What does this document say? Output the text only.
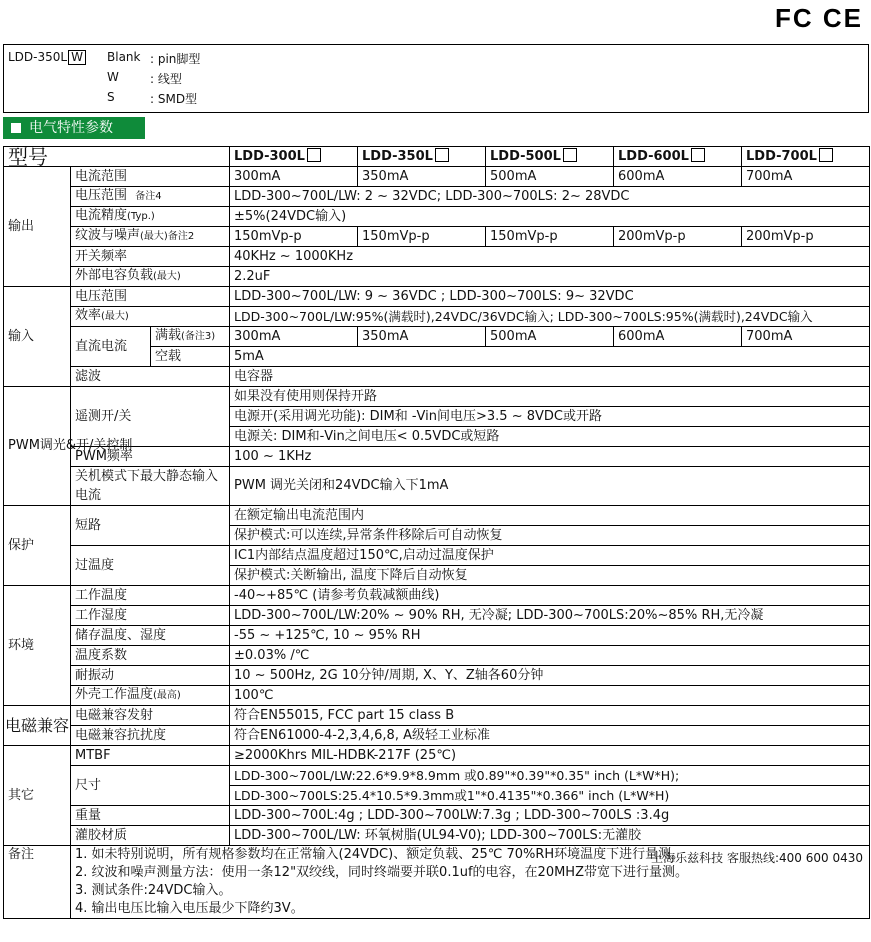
FC CE
LDD-350L W Blank : pin脚型
W	: 线型
S	: SMD型
电气特性参数
型号			LDD-300L	LDD-350L	LDD-500L	LDD-600L	LDD-700L
输出	电流范围		300mA	350mA	500mA	600mA	700mA
	电压范围 备注4		LDD-300~700L/LW: 2 ~ 32VDC; LDD-300~700LS: 2~ 28VDC				
	电流精度(Typ.)		±5%(24VDC输入)				
	纹波与噪声(最大)备注2		150mVp-p	150mVp-p	150mVp-p	200mVp-p	200mVp-p
	开关频率		40KHz ~ 1000KHz				
	外部电容负载(最大)		2.2uF				
输入	电压范围		LDD-300~700L/LW: 9 ~ 36VDC ; LDD-300~700LS: 9~ 32VDC				
	效率(最大)		LDD-300~700L/LW:95%(满载时),24VDC/36VDC输入; LDD-300~700LS:95%(满载时),24VDC输入				
	直流电流	满载(备注3)	300mA	350mA	500mA	600mA	700mA
		空载	5mA				
	滤波		电容器				
PWM调光&开/关控制	遥测开/关		如果没有使用则保持开路				
			电源开(采用调光功能): DIM和 -Vin间电压>3.5 ~ 8VDC或开路				
			电源关: DIM和-Vin之间电压< 0.5VDC或短路				
	PWM频率		100 ~ 1KHz				
	关机模式下最大静态输入电流		PWM 调光关闭和24VDC输入下1mA				

保护	短路		在额定输出电流范围内				
			保护模式:可以连续,异常条件移除后可自动恢复				
	过温度		IC1内部结点温度超过150℃,启动过温度保护				
			保护模式:关断输出, 温度下降后自动恢复				
环境	工作温度		-40~+85℃ (请参考负载减额曲线)				
	工作湿度		LDD-300~700L/LW:20% ~ 90% RH, 无冷凝; LDD-300~700LS:20%~85% RH,无冷凝				
	储存温度、湿度		-55 ~ +125℃, 10 ~ 95% RH				
	温度系数		±0.03% /℃				
	耐振动		10 ~ 500Hz, 2G 10分钟/周期, X、Y、Z轴各60分钟				
	外壳工作温度(最高)		100℃				
电磁兼容	电磁兼容发射		符合EN55015, FCC part 15 class B				
	电磁兼容抗扰度		符合EN61000-4-2,3,4,6,8, A级轻工业标准				
其它	MTBF		≥2000Khrs MIL-HDBK-217F (25℃)				
	尺寸		LDD-300~700L/LW:22.6*9.9*8.9mm 或0.89"*0.39"*0.35" inch (L*W*H);				
			LDD-300~700LS:25.4*10.5*9.3mm或1"*0.4135"*0.366" inch (L*W*H)				
	重量		LDD-300~700L:4g ; LDD-300~700LW:7.3g ; LDD-300~700LS :3.4g				
	灌胶材质		LDD-300~700L/LW: 环氧树脂(UL94-V0); LDD-300~700LS:无灌胶				
备注	上海乐兹科技 客服热线:400 600 0430
1. 如未特别说明，所有规格参数均在正常输入(24VDC)、额定负载、25℃ 70%RH环境温度下进行量测。
2. 纹波和噪声测量方法：使用一条12"双绞线，同时终端要并联0.1uf的电容，在20MHZ带宽下进行量测。
3. 测试条件:24VDC输入。
4. 输出电压比输入电压最少下降约3V。						
